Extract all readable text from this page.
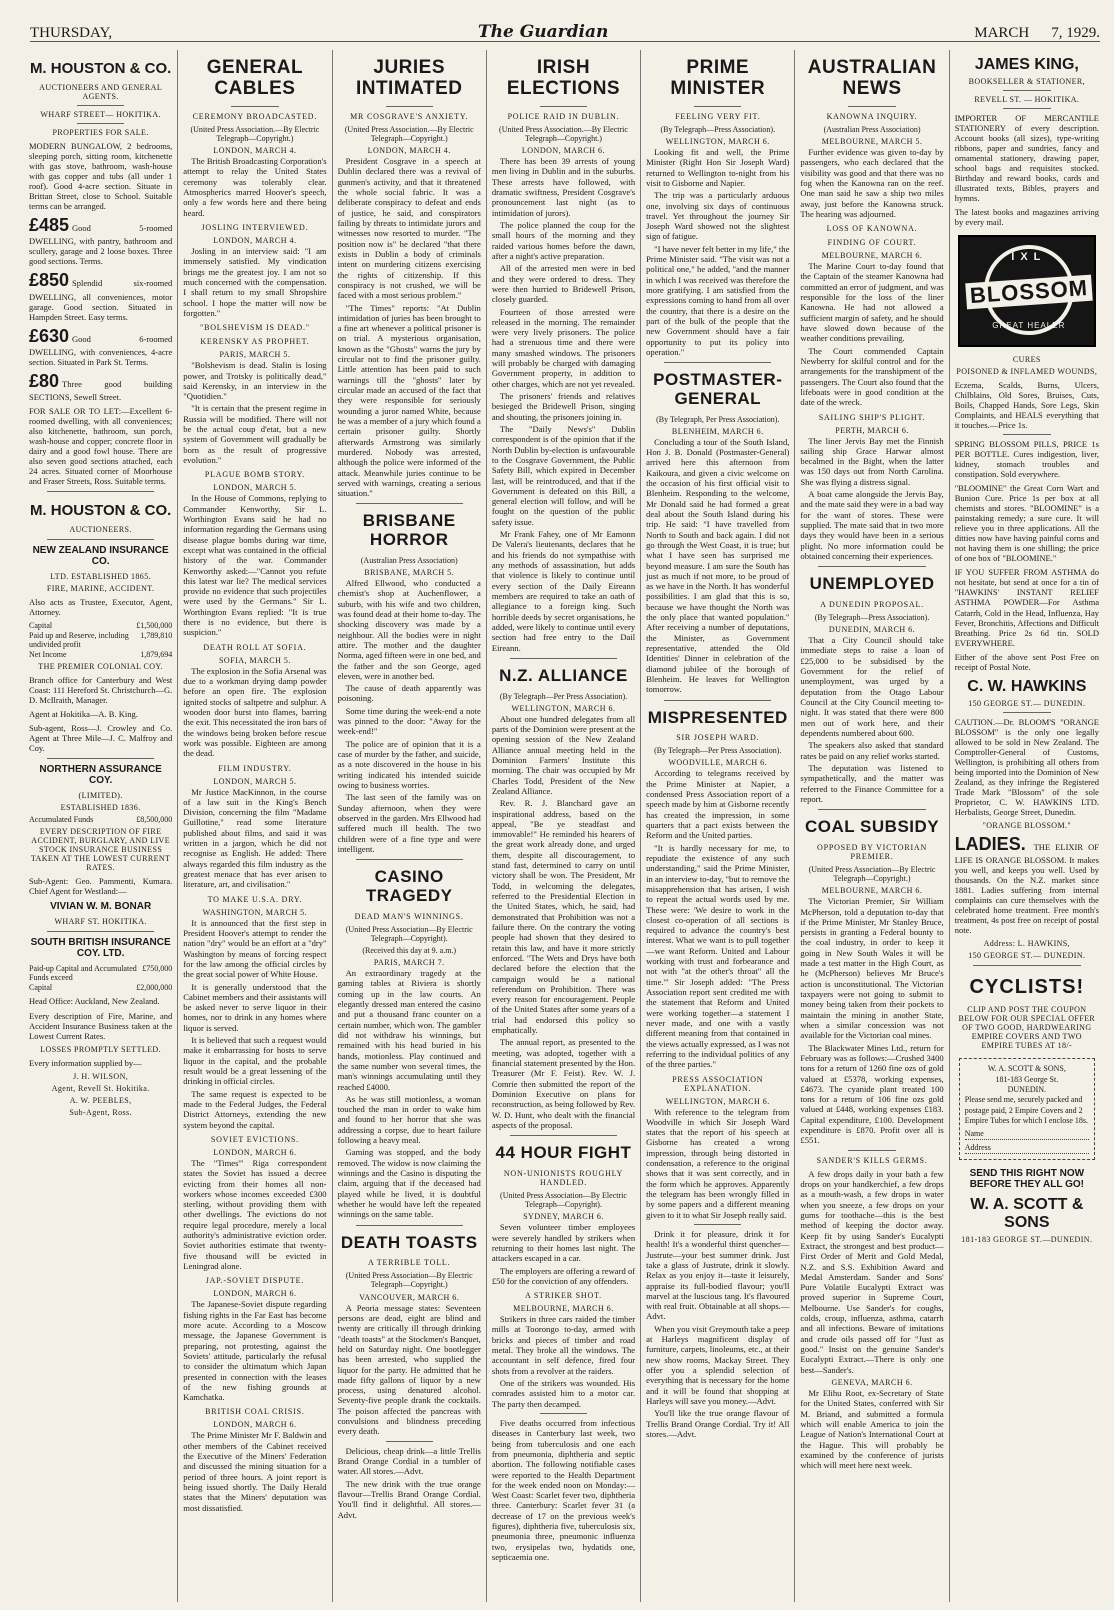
THURSDAY,	The Guardian	MARCH 7, 1929.
M. HOUSTON & CO.
AUCTIONEERS AND GENERAL AGENTS.
WHARF STREET— HOKITIKA.
PROPERTIES FOR SALE.
MODERN BUNGALOW, 2 bedrooms, sleeping porch, sitting room, kitchenette with gas stove, bathroom, wash-house with gas copper and tubs (all under 1 roof). Good 4-acre section. Situate in Brittan Street, close to School. Suitable terms can be arranged.
£485 Good 5-roomed DWELLING, with pantry, bathroom and scullery, garage and 2 loose boxes. Three good sections. Terms.
£850 Splendid six-roomed DWELLING, all conveniences, motor garage. Good section. Situated in Hampden Street. Easy terms.
£630 Good 6-roomed DWELLING, with conveniences, 4-acre section. Situated in Park St. Terms.
£80 Three good building SECTIONS, Sewell Street.
FOR SALE OR TO LET:—Excellent 6-roomed dwelling, with all conveniences; also kitchenette, bathroom, sun porch, wash-house and copper; concrete floor in dairy and a good fowl house. There are also seven good sections attached, each 24 acres. Situated corner of Moorhouse and Fraser Streets, Ross. Suitable terms.
M. HOUSTON & CO.
AUCTIONEERS.
NEW ZEALAND INSURANCE CO.
LTD. ESTABLISHED 1865.
FIRE, MARINE, ACCIDENT.
Also acts as Trustee, Executor, Agent, Attorney.
Capital	£1,500,000
Paid up and Reserve, including undivided profit
1,789,810
Net Income	1,879,694
THE PREMIER COLONIAL COY.
Branch office for Canterbury and West Coast: 111 Hereford St. Christchurch—G. D. McIlraith, Manager.
Agent at Hokitika—A. B. King.
Sub-agent, Ross—J. Crowley and Co. Agent at Three Mile—J. C. Malfroy and Coy.
NORTHERN ASSURANCE COY.
(LIMITED).
ESTABLISHED 1836.
Accumulated Funds	£8,500,000
EVERY DESCRIPTION OF FIRE ACCIDENT, BURGLARY, AND LIVE STOCK INSURANCE BUSINESS TAKEN AT THE LOWEST CURRENT RATES.
Sub-Agent: Geo. Pammenti, Kumara. Chief Agent for Westland:—
VIVIAN W. M. BONAR
WHARF ST. HOKITIKA.
SOUTH BRITISH INSURANCE COY. LTD.
Paid-up Capital and Accumulated Funds exceed
£750,000
Capital	£2,000,000
Head Office: Auckland, New Zealand.
Every description of Fire, Marine, and Accident Insurance Business taken at the Lowest Current Rates.
LOSSES PROMPTLY SETTLED.
Every information supplied by—
J. H. WILSON,
Agent, Revell St. Hokitika.
A. W. PEEBLES,
Sub-Agent, Ross.
GENERAL CABLES
CEREMONY BROADCASTED.
(United Press Association.—By Electric Telegraph—Copyright.)
LONDON, MARCH 4.
The British Broadcasting Corporation's attempt to relay the United States ceremony was tolerably clear. Atmospherics marred Hoover's speech, only a few words here and there being heard.
JOSLING INTERVIEWED.
LONDON, MARCH 4.
Josling in an interview said: "I am immensely satisfied. My vindication brings me the greatest joy. I am not so much concerned with the compensation. I shall return to my small Shropshire school. I hope the matter will now be forgotten."
"BOLSHEVISM IS DEAD."
KERENSKY AS PROPHET.
PARIS, MARCH 5.
"Bolshevism is dead. Stalin is losing power, and Trotsky is politically dead," said Kerensky, in an interview in the "Quotidien."
"It is certain that the present regime in Russia will be modified. There will not be the actual coup d'etat, but a new system of Government will gradually be born as the result of progressive evolution."
PLAGUE BOMB STORY.
LONDON, MARCH 5.
In the House of Commons, replying to Commander Kenworthy, Sir L. Worthington Evans said he had no information regarding the Germans using disease plague bombs during war time, except what was contained in the official history of the war. Commander Kenworthy asked:—"Cannot you refute this latest war lie? The medical services provide no evidence that such projectiles were used by the Germans." Sir L. Worthington Evans replied: "It is true there is no evidence, but there is suspicion."
DEATH ROLL AT SOFIA.
SOFIA, MARCH 5.
The explosion in the Sofia Arsenal was due to a workman drying damp powder before an open fire. The explosion ignited stocks of saltpetre and sulphur. A wooden door burst into flames, barring the exit. This necessitated the iron bars of the windows being broken before rescue work was possible. Eighteen are among the dead.
FILM INDUSTRY.
LONDON, MARCH 5.
Mr Justice MacKinnon, in the course of a law suit in the King's Bench Division, concerning the film "Madame Guillotine," read some literature published about films, and said it was written in a jargon, which he did not recognise as English. He added: There always regarded this film industry as the greatest menace that has ever arisen to literature, art, and civilisation."
TO MAKE U.S.A. DRY.
WASHINGTON, MARCH 5.
It is announced that the first step in President Hoover's attempt to render the nation "dry" would be an effort at a "dry" Washington by means of forcing respect for the law among the official circles by the great social power of White House.
It is generally understood that the Cabinet members and their assistants will be asked never to serve liquor in their homes, nor to drink in any homes where liquor is served.
It is believed that such a request would make it embarrassing for hosts to serve liquor in the capital, and the probable result would be a great lessening of the drinking in official circles.
The same request is expected to be made to the Federal Judges, the Federal District Attorneys, extending the new system beyond the capital.
SOVIET EVICTIONS.
LONDON, MARCH 6.
The "Times'" Riga correspondent states the Soviet has issued a decree evicting from their homes all non-workers whose incomes exceeded £300 sterling, without providing them with other dwellings. The evictions do not require legal procedure, merely a local authority's administrative eviction order. Soviet authorities estimate that twenty-five thousand will be evicted in Leningrad alone.
JAP.-SOVIET DISPUTE.
LONDON, MARCH 6.
The Japanese-Soviet dispute regarding fishing rights in the Far East has become more acute. According to a Moscow message, the Japanese Government is preparing, not protesting, against the Soviets' attitude, particularly the refusal to consider the ultimatum which Japan presented in connection with the leases of the new fishing grounds at Kamchatka.
BRITISH COAL CRISIS.
LONDON, MARCH 6.
The Prime Minister Mr F. Baldwin and other members of the Cabinet received the Executive of the Miners' Federation and discussed the mining situation for a period of three hours. A joint report is being issued shortly. The Daily Herald states that the Miners' deputation was most dissatisfied.
JURIES INTIMATED
MR COSGRAVE'S ANXIETY.
(United Press Association.—By Electric Telegraph—Copyright.)
LONDON, MARCH 4.
President Cosgrave in a speech at Dublin declared there was a revival of gunmen's activity, and that it threatened the whole social fabric. It was a deliberate conspiracy to defeat and ends of justice, he said, and conspirators failing by threats to intimidate jurors and witnesses now resorted to murder. "The position now is" he declared "that there exists in Dublin a body of criminals intent on murdering citizens exercising the rights of citizenship. If this conspiracy is not crushed, we will be faced with a most serious problem."
"The Times" reports: "At Dublin intimidation of juries has been brought to a fine art whenever a political prisoner is on trial. A mysterious organisation, known as the "Ghosts" warns the jury by circular not to find the prisoner guilty. Little attention has been paid to such warnings till the "ghosts" later by circular made an accused of the fact that they were responsible for seriously wounding a juror named White, because he was a member of a jury which found a certain prisoner guilty. Shortly afterwards Armstrong was similarly murdered. Nobody was arrested, although the police were informed of the attack. Meanwhile juries continue to be served with warnings, creating a serious situation."
BRISBANE HORROR
(Australian Press Association)
BRISBANE, MARCH 5.
Alfred Ellwood, who conducted a chemist's shop at Auchenflower, a suburb, with his wife and two children, was found dead at their home to-day. The shocking discovery was made by a neighbour. All the bodies were in night attire. The mother and the daughter Norma, aged fifteen were in one bed, and the father and the son George, aged eleven, were in another bed.
The cause of death apparently was poisoning.
Some time during the week-end a note was pinned to the door: "Away for the week-end!"
The police are of opinion that it is a case of murder by the father, and suicide, as a note discovered in the house in his writing indicated his intended suicide owing to business worries.
The last seen of the family was on Sunday afternoon, when they were observed in the garden. Mrs Ellwood had suffered much ill health. The two children were of a fine type and were intelligent.
CASINO TRAGEDY
DEAD MAN'S WINNINGS.
(United Press Association—By Electric Telegraph—Copyright).
(Received this day at 9. a.m.)
PARIS, MARCH 7.
An extraordinary tragedy at the gaming tables at Riviera is shortly coming up in the law courts. An elegantly dressed man entered the casino and put a thousand franc counter on a certain number, which won. The gambler did not withdraw his winnings, but remained with his head buried in his hands, motionless. Play continued and the same number won several times, the man's winnings accumulating until they reached £4000.
As he was still motionless, a woman touched the man in order to wake him and found to her horror that she was addressing a corpse, due to heart failure following a heavy meal.
Gaming was stopped, and the body removed. The widow is now claiming the winnings and the Casino is disputing the claim, arguing that if the deceased had played while he lived, it is doubtful whether he would have left the repeated winnings on the same table.
DEATH TOASTS
A TERRIBLE TOLL.
(United Press Association—By Electric Telegraph—Copyright.)
VANCOUVER, MARCH 6.
A Peoria message states: Seventeen persons are dead, eight are blind and twenty are critically ill through drinking "death toasts" at the Stockmen's Banquet, held on Saturday night. One bootlegger has been arrested, who supplied the liquor for the party. He admitted that he made fifty gallons of liquor by a new process, using denatured alcohol. Seventy-five people drank the cocktails. The poison affected the pancreas with convulsions and blindness preceding every death.
Delicious, cheap drink—a little Trellis Brand Orange Cordial in a tumbler of water. All stores.—Advt.
The new drink with the true orange flavour—Trellis Brand Orange Cordial. You'll find it delightful. All stores.—Advt.
IRISH ELECTIONS
POLICE RAID IN DUBLIN.
(United Press Association.—By Electric Telegraph—Copyright.)
LONDON, MARCH 6.
There has been 39 arrests of young men living in Dublin and in the suburbs. These arrests have followed, with dramatic swiftness, President Cosgrave's pronouncement last night (as to intimidation of jurors).
The police planned the coup for the small hours of the morning and they raided various homes before the dawn, after a night's active preparation.
All of the arrested men were in bed and they were ordered to dress. They were then hurried to Bridewell Prison, closely guarded.
Fourteen of those arrested were released in the morning. The remainder were very lively prisoners. The police had a strenuous time and there were many smashed windows. The prisoners will probably be charged with damaging Government property, in addition to other charges, which are not yet revealed.
The prisoners' friends and relatives besieged the Bridewell Prison, singing and shouting, the prisoners joining in.
The "Daily News's" Dublin correspondent is of the opinion that if the North Dublin by-election is unfavourable to the Cosgrave Government, the Public Safety Bill, which expired in December last, will be reintroduced, and that if the Government is defeated on this Bill, a general election will follow, and will be fought on the question of the public safety issue.
Mr Frank Fahey, one of Mr Eamonn De Valera's lieutenants, declares that he and his friends do not sympathise with any methods of assassination, but adds that violence is likely to continue until every section of the Daily Eireann members are required to take an oath of allegiance to a foreign king. Such horrible deeds by secret organisations, he added, were likely to continue until every section had free entry to the Dail Eireann.
N.Z. ALLIANCE
(By Telegraph—Per Press Association).
WELLINGTON, MARCH 6.
About one hundred delegates from all parts of the Dominion were present at the opening session of the New Zealand Alliance annual meeting held in the Dominion Farmers' Institute this morning. The chair was occupied by Mr Charles Todd, President of the New Zealand Alliance.
Rev. R. J. Blanchard gave an inspirational address, based on the appeal, "Be ye steadfast and immovable!" He reminded his hearers of the great work already done, and urged them, despite all discouragement, to stand fast, determined to carry on until victory shall be won. The President, Mr Todd, in welcoming the delegates, referred to the Presidential Election in the United States, which, he said, had demonstrated that Prohibition was not a failure there. On the contrary the voting people had shown that they desired to retain this law, and have it more strictly enforced. "The Wets and Drys have both declared before the election that the campaign would be a national referendum on Prohibition. There was every reason for encouragement. People of the United States after some years of a trial had endorsed this policy so emphatically.
The annual report, as presented to the meeting, was adopted, together with a financial statement presented by the Hon. Treasurer (Mr F. Feist). Rev. W. J. Comrie then submitted the report of the Dominion Executive on plans for reconstruction, as being followed by Rev. W. D. Hunt, who dealt with the financial aspects of the proposal.
44 HOUR FIGHT
NON-UNIONISTS ROUGHLY HANDLED.
(United Press Association—By Electric Telegraph—Copyright).
SYDNEY, MARCH 6.
Seven volunteer timber employees were severely handled by strikers when returning to their homes last night. The attackers escaped in a car.
The employers are offering a reward of £50 for the conviction of any offenders.
A STRIKER SHOT.
MELBOURNE, MARCH 6.
Strikers in three cars raided the timber mills at Toorongo to-day, armed with bricks and pieces of timber and road metal. They broke all the windows. The accountant in self defence, fired four shots from a revolver at the raiders.
One of the strikers was wounded. His comrades assisted him to a motor car. The party then decamped.
Five deaths occurred from infectious diseases in Canterbury last week, two being from tuberculosis and one each from pneumonia, diphtheria and septic abortion. The following notifiable cases were reported to the Health Department for the week ended noon on Monday:—West Coast: Scarlet fever two, diphtheria three. Canterbury: Scarlet fever 31 (a decrease of 17 on the previous week's figures), diphtheria five, tuberculosis six, pneumonia three, pneumonic influenza two, erysipelas two, hydatids one, septicaemia one.
PRIME MINISTER
FEELING VERY FIT.
(By Telegraph—Press Association).
WELLINGTON, MARCH 6.
Looking fit and well, the Prime Minister (Right Hon Sir Joseph Ward) returned to Wellington to-night from his visit to Gisborne and Napier.
The trip was a particularly arduous one, involving six days of continuous travel. Yet throughout the journey Sir Joseph Ward showed not the slightest sign of fatigue.
"I have never felt better in my life," the Prime Minister said. "The visit was not a political one," he added, "and the manner in which I was received was therefore the more gratifying. I am satisfied from the expressions coming to hand from all over the country, that there is a desire on the part of the bulk of the people that the new Government should have a fair opportunity to put its policy into operation."
POSTMASTER-GENERAL
(By Telegraph, Per Press Association).
BLENHEIM, MARCH 6.
Concluding a tour of the South Island, Hon J. B. Donald (Postmaster-General) arrived here this afternoon from Kaikoura, and given a civic welcome on the occasion of his first official visit to Blenheim. Responding to the welcome, Mr Donald said he had formed a great deal about the South Island during his trip. He said: "I have travelled from North to South and back again. I did not go through the West Coast, it is true; but what I have seen has surprised me beyond measure. I am sure the South has just as much if not more, to be proud of as we have in the North. It has wonderful possibilities. I am glad that this is so, because we have thought the North was the only place that wanted population." After receiving a number of deputations, the Minister, as Government representative, attended the Old Identities' Dinner in celebration of the diamond jubilee of the borough of Blenheim. He leaves for Wellington tomorrow.
MISPRESENTED
SIR JOSEPH WARD.
(By Telegraph—Per Press Association).
WOODVILLE, MARCH 6.
According to telegrams received by the Prime Minister at Napier, a condensed Press Association report of a speech made by him at Gisborne recently has created the impression, in some quarters that a pact exists between the Reform and the United parties.
"It is hardly necessary for me, to repudiate the existence of any such understanding," said the Prime Minister, in an interview to-day, "but to remove the misapprehension that has arisen, I wish to repeat the actual words used by me. These were: 'We desire to work in the closest co-operation of all sections is required to advance the country's best interest. What we want is to pull together—we want Reform. United and Labour working with trust and forbearance and not with "at the other's throat" all the time.'" Sir Joseph added: "The Press Association report sent credited me with the statement that Reform and United were working together—a statement I never made, and one with a vastly different meaning from that contained in the views actually expressed, as I was not referring to the individual politics of any of the three parties."
PRESS ASSOCIATION EXPLANATION.
WELLINGTON, MARCH 6.
With reference to the telegram from Woodville in which Sir Joseph Ward states that the report of his speech at Gisborne has created a wrong impression, through being distorted in condensation, a reference to the original shows that it was sent correctly, and in the form which he approves. Apparently the telegram has been wrongly filled in by some papers and a different meaning given to it to what Sir Joseph really said.
Drink it for pleasure, drink it for health! It's a wonderful thirst quencher—Justrute—your best summer drink. Just take a glass of Justrute, drink it slowly. Relax as you enjoy it—taste it leisurely, appraise its full-bodied flavour; you'll marvel at the luscious tang. It's flavoured with real fruit. Obtainable at all shops.—Advt.
When you visit Greymouth take a peep at Harleys magnificent display of furniture, carpets, linoleums, etc., at their new show rooms, Mackay Street. They offer you a splendid selection of everything that is necessary for the home and it will be found that shopping at Harleys will save you money.—Advt.
You'll like the true orange flavour of Trellis Brand Orange Cordial. Try it! All stores.—Advt.
AUSTRALIAN NEWS
KANOWNA INQUIRY.
(Australian Press Association)
MELBOURNE, MARCH 5.
Further evidence was given to-day by passengers, who each declared that the visibility was good and that there was no fog when the Kanowna ran on the reef. One man said he saw a ship two miles away, just before the Kanowna struck. The hearing was adjourned.
LOSS OF KANOWNA.
FINDING OF COURT.
MELBOURNE, MARCH 6.
The Marine Court to-day found that the Captain of the steamer Kanowna had committed an error of judgment, and was responsible for the loss of the liner Kanowna. He had not allowed a sufficient margin of safety, and he should have slowed down because of the weather conditions prevailing.
The Court commended Captain Newberry for skilful control and for the arrangements for the transhipment of the passengers. The Court also found that the lifeboats were in good condition at the date of the wreck.
SAILING SHIP'S PLIGHT.
PERTH, MARCH 6.
The liner Jervis Bay met the Finnish sailing ship Grace Harwar almost becalmed in the Bight, when the latter was 150 days out from North Carolina. She was flying a distress signal.
A boat came alongside the Jervis Bay, and the mate said they were in a bad way for the want of stores. These were supplied. The mate said that in two more days they would have been in a serious plight. No more information could be obtained concerning their experiences.
UNEMPLOYED
A DUNEDIN PROPOSAL.
(By Telegraph—Press Association).
DUNEDIN, MARCH 6.
That a City Council should take immediate steps to raise a loan of £25,000 to be subsidised by the Government for the relief of unemployment, was urged by a deputation from the Otago Labour Council at the City Council meeting to-night. It was stated that there were 800 men out of work here, and their dependents numbered about 600.
The speakers also asked that standard rates be paid on any relief works started.
The deputation was listened to sympathetically, and the matter was referred to the Finance Committee for a report.
COAL SUBSIDY
OPPOSED BY VICTORIAN PREMIER.
(United Press Association—By Electric Telegraph—Copyright.)
MELBOURNE, MARCH 6.
The Victorian Premier, Sir William McPherson, told a deputation to-day that if the Prime Minister, Mr Stanley Bruce, persists in granting a Federal bounty to the coal industry, in order to keep it going in New South Wales it will be made a test matter in the High Court, as he (McPherson) believes Mr Bruce's action is unconstitutional. The Victorian taxpayers were not going to submit to money being taken from their pockets to maintain the mining in another State, when a similar concession was not available for the Victorian coal mines.
The Blackwater Mines Ltd., return for February was as follows:—Crushed 3400 tons for a return of 1260 fine ozs of gold valued at £5378, working expenses, £4673. The cyanide plant treated 100 tons for a return of 106 fine ozs gold valued at £448, working expenses £183. Capital expenditure, £100. Development expenditure is £870. Profit over all is £551.
SANDER'S KILLS GERMS.
A few drops daily in your bath a few drops on your handkerchief, a few drops as a mouth-wash, a few drops in water when you sneeze, a few drops on your gums for toothache—this is the best method of keeping the doctor away. Keep fit by using Sander's Eucalypti Extract, the strongest and best product—First Order of Merit and Gold Medal, N.Z. and S.S. Exhibition Award and Medal Amsterdam. Sander and Sons' Pure Volatile Eucalypti Extract was proved superior in Supreme Court, Melbourne. Use Sander's for coughs, colds, croup, influenza, asthma, catarrh and all infections. Beware of imitations and crude oils passed off for "Just as good." Insist on the genuine Sander's Eucalypti Extract.—There is only one best—Sander's.
GENEVA, MARCH 6.
Mr Elihu Root, ex-Secretary of State for the United States, conferred with Sir M. Briand, and submitted a formula which will enable America to join the League of Nation's International Court at the Hague. This will probably be examined by the conference of jurists which will meet here next week.
JAMES KING,
BOOKSELLER & STATIONER,
REVELL ST. — HOKITIKA.
IMPORTER OF MERCANTILE STATIONERY of every description. Account books (all sizes), type-writing ribbons, paper and sundries, fancy and ornamental stationery, drawing paper, school bags and requisites stocked. Birthday and reward books, cards and illustrated texts, Bibles, prayers and hymns.
The latest books and magazines arriving by every mail.
IXL
BLOSSOM
GREAT HEALER
CURES
POISONED & INFLAMED WOUNDS,
Eczema, Scalds, Burns, Ulcers, Chilblains, Old Sores, Bruises, Cuts, Boils, Chapped Hands, Sore Legs, Skin Complaints, and HEALS everything that it touches.—Price 1s.
SPRING BLOSSOM PILLS, PRICE 1s PER BOTTLE. Cures indigestion, liver, kidney, stomach troubles and constipation. Sold everywhere.
"BLOOMINE" the Great Corn Wart and Bunion Cure. Price 1s per box at all chemists and stores. "BLOOMINE" is a painstaking remedy; a sure cure. It will relieve you in three applications. All the ditties now have having painful corns and not having them is one shilling; the price of one box of "BLOOMINE."
IF YOU SUFFER FROM ASTHMA do not hesitate, but send at once for a tin of "HAWKINS' INSTANT RELIEF ASTHMA POWDER—For Asthma Catarrh, Cold in the Head, Influenza, Hay Fever, Bronchitis, Affections and Difficult Breathing. Price 2s 6d tin. SOLD EVERYWHERE.
Either of the above sent Post Free on receipt of Postal Note.
C. W. HAWKINS
150 GEORGE ST.— DUNEDIN.
CAUTION.—Dr. BLOOM'S "ORANGE BLOSSOM" is the only one legally allowed to be sold in New Zealand. The Comptroller-General of Customs, Wellington, is prohibiting all others from being imported into the Dominion of New Zealand, as they infringe the Registered Trade Mark "Blossom" of the sole Proprietor, C. W. HAWKINS LTD. Herbalists, George Street, Dunedin.
"ORANGE BLOSSOM."
LADIES. THE ELIXIR OF LIFE IS ORANGE BLOSSOM. It makes you well, and keeps you well. Used by thousands. On the N.Z. market since 1881. Ladies suffering from internal complaints can cure themselves with the celebrated home treatment. Free month's treatment, 4s post free on receipt of postal note.
Address: L. HAWKINS,
150 GEORGE ST.— DUNEDIN.
CYCLISTS!
CLIP AND POST THE COUPON BELOW FOR OUR SPECIAL OFFER OF TWO GOOD, HARDWEARING EMPIRE COVERS AND TWO EMPIRE TUBES AT 18/-
W. A. SCOTT & SONS,
181-183 George St.
DUNEDIN.
Please send me, securely packed and postage paid, 2 Empire Covers and 2 Empire Tubes for which I enclose 18s.
Name
Address
SEND THIS RIGHT NOW BEFORE THEY ALL GO!
W. A. SCOTT & SONS
181-183 GEORGE ST.—DUNEDIN.
